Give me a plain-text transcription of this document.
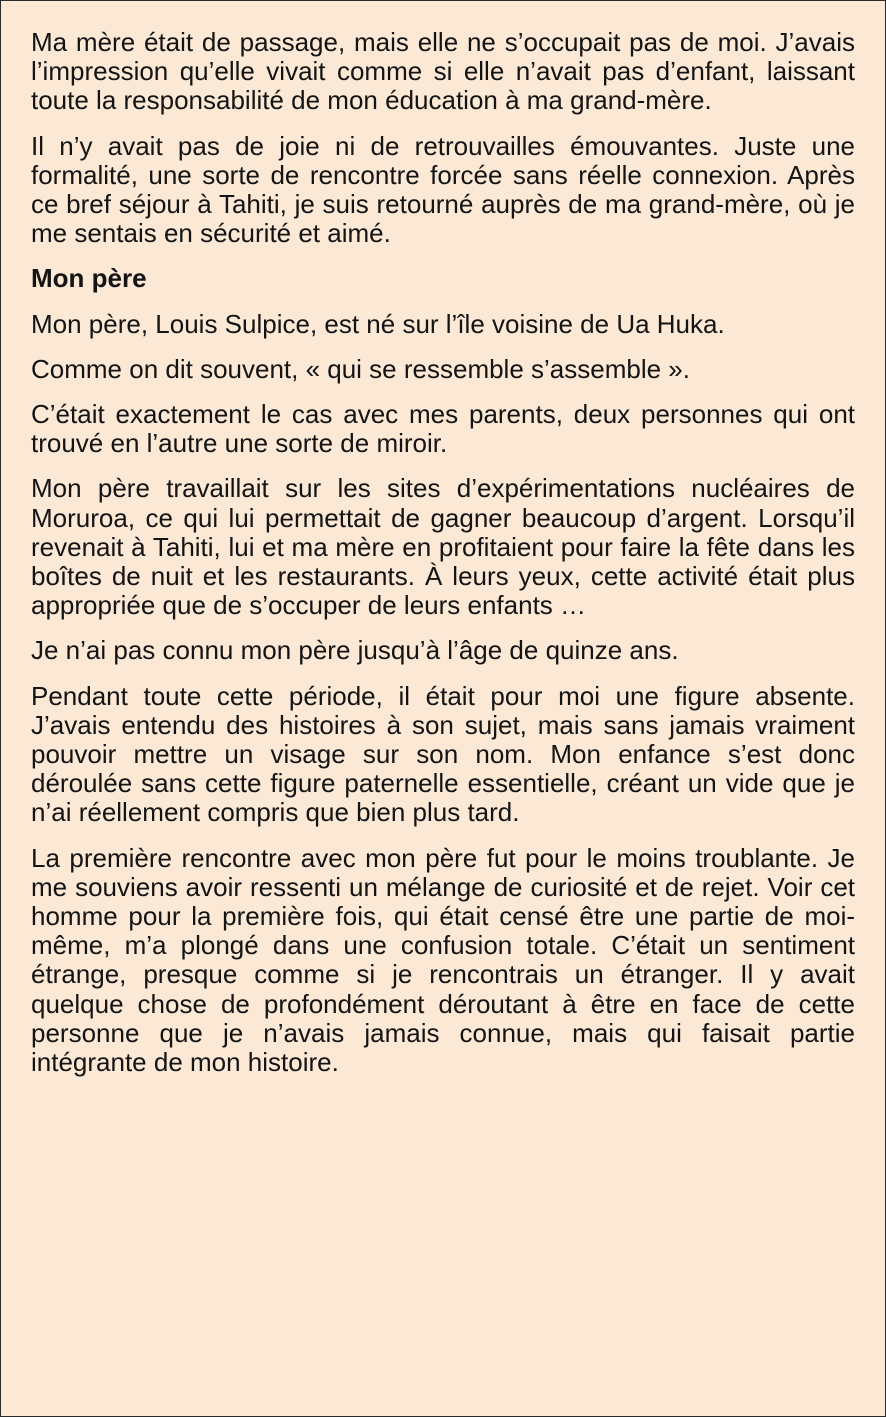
Ma mère était de passage, mais elle ne s’occupait pas de moi. J’avais l’impression qu’elle vivait comme si elle n’avait pas d’enfant, laissant toute la responsabilité de mon éducation à ma grand-mère.

Il n’y avait pas de joie ni de retrouvailles émouvantes. Juste une formalité, une sorte de rencontre forcée sans réelle connexion. Après ce bref séjour à Tahiti, je suis retourné auprès de ma grand-mère, où je me sentais en sécurité et aimé.

Mon père

Mon père, Louis Sulpice, est né sur l’île voisine de Ua Huka.

Comme on dit souvent, « qui se ressemble s’assemble ».

C’était exactement le cas avec mes parents, deux personnes qui ont trouvé en l’autre une sorte de miroir.

Mon père travaillait sur les sites d’expérimentations nucléaires de Moruroa, ce qui lui permettait de gagner beaucoup d’argent. Lorsqu’il revenait à Tahiti, lui et ma mère en profitaient pour faire la fête dans les boîtes de nuit et les restaurants. À leurs yeux, cette activité était plus appropriée que de s’occuper de leurs enfants …

Je n’ai pas connu mon père jusqu’à l’âge de quinze ans.

Pendant toute cette période, il était pour moi une figure absente. J’avais entendu des histoires à son sujet, mais sans jamais vraiment pouvoir mettre un visage sur son nom. Mon enfance s’est donc déroulée sans cette figure paternelle essentielle, créant un vide que je n’ai réellement compris que bien plus tard.

La première rencontre avec mon père fut pour le moins troublante. Je me souviens avoir ressenti un mélange de curiosité et de rejet. Voir cet homme pour la première fois, qui était censé être une partie de moi-même, m’a plongé dans une confusion totale. C’était un sentiment étrange, presque comme si je rencontrais un étranger. Il y avait quelque chose de profondément déroutant à être en face de cette personne que je n’avais jamais connue, mais qui faisait partie intégrante de mon histoire.
